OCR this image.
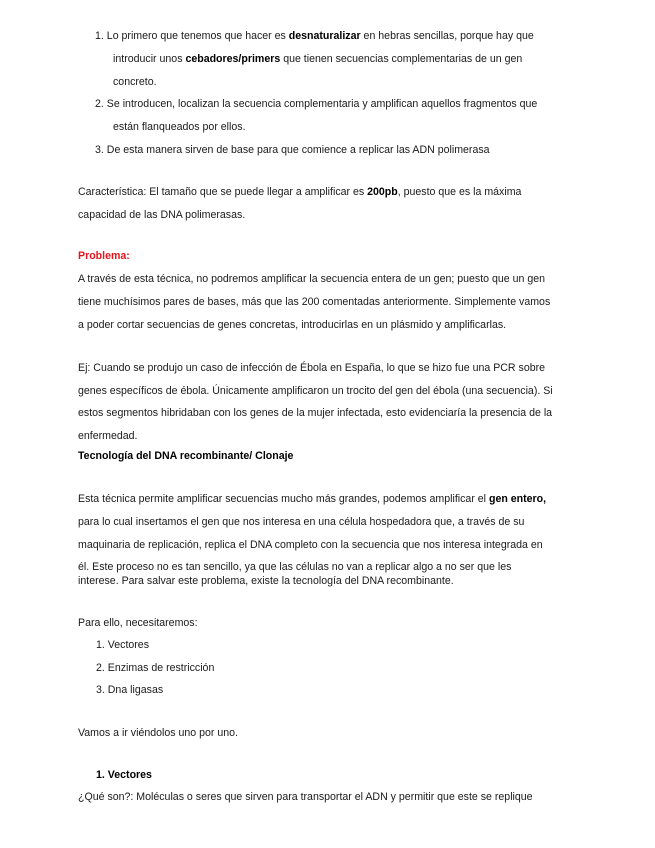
1. Lo primero que tenemos que hacer es desnaturalizar en hebras sencillas, porque hay que
introducir unos cebadores/primers que tienen secuencias complementarias de un gen
concreto.
2. Se introducen, localizan la secuencia complementaria y amplifican aquellos fragmentos que
están flanqueados por ellos.
3. De esta manera sirven de base para que comience a replicar las ADN polimerasa
Característica: El tamaño que se puede llegar a amplificar es 200pb, puesto que es la máxima
capacidad de las DNA polimerasas.
Problema:
A través de esta técnica, no podremos amplificar la secuencia entera de un gen; puesto que un gen
tiene muchísimos pares de bases, más que las 200 comentadas anteriormente. Simplemente vamos
a poder cortar secuencias de genes concretas, introducirlas en un plásmido y amplificarlas.
Ej: Cuando se produjo un caso de infección de Ébola en España, lo que se hizo fue una PCR sobre
genes específicos de ébola. Únicamente amplificaron un trocito del gen del ébola (una secuencia). Si
estos segmentos hibridaban con los genes de la mujer infectada, esto evidenciaría la presencia de la
enfermedad.
Tecnología del DNA recombinante/ Clonaje
Esta técnica permite amplificar secuencias mucho más grandes, podemos amplificar el gen entero,
para lo cual insertamos el gen que nos interesa en una célula hospedadora que, a través de su
maquinaria de replicación, replica el DNA completo con la secuencia que nos interesa integrada en
él. Este proceso no es tan sencillo, ya que las células no van a replicar algo a no ser que les
interese. Para salvar este problema, existe la tecnología del DNA recombinante.
Para ello, necesitaremos:
1. Vectores
2. Enzimas de restricción
3. Dna ligasas
Vamos a ir viéndolos uno por uno.
1. Vectores
¿Qué son?: Moléculas o seres que sirven para transportar el ADN y permitir que este se replique
